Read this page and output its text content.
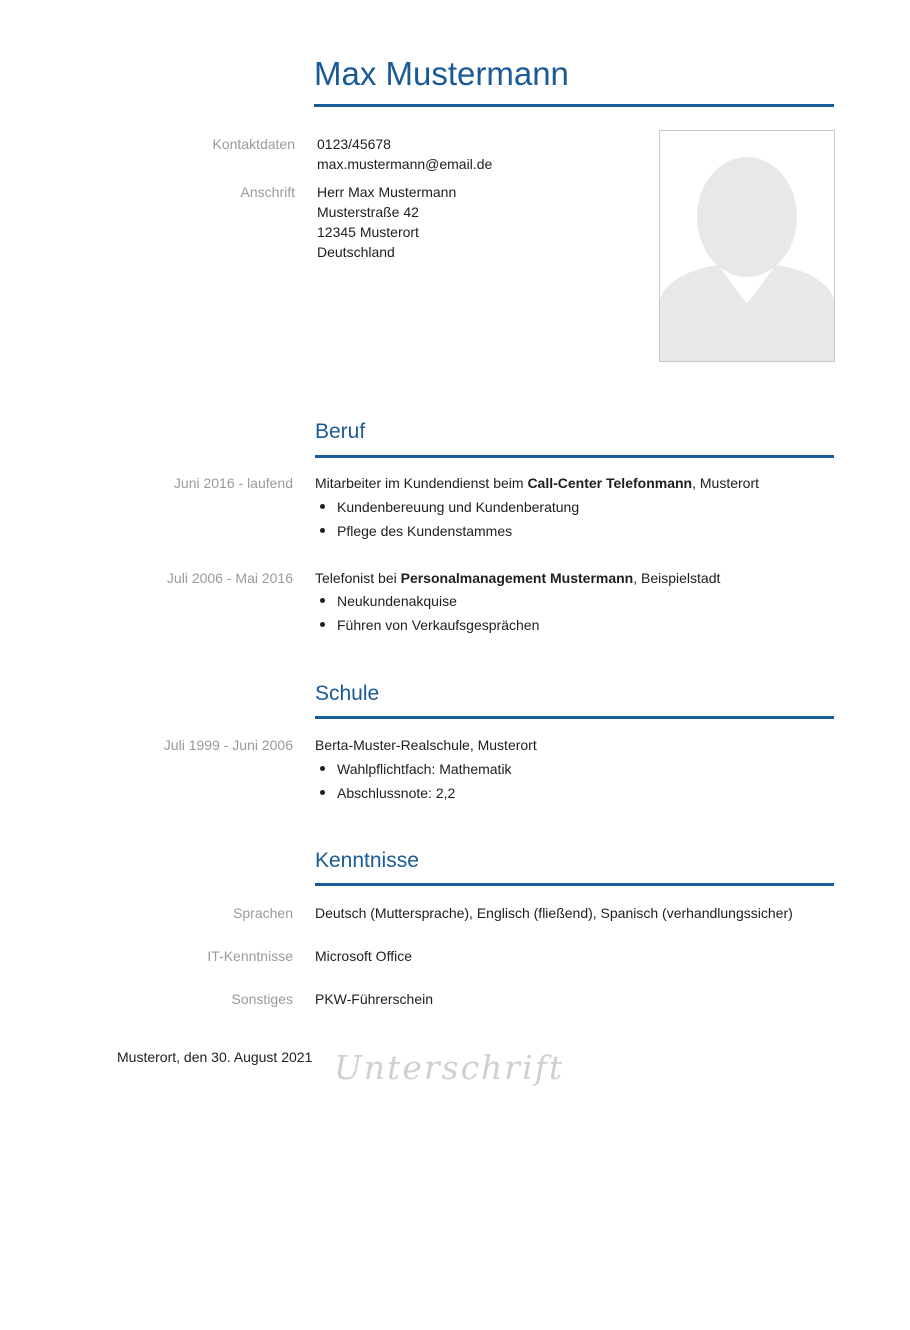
Max Mustermann
Kontaktdaten 0123/45678
max.mustermann@email.de
Anschrift Herr Max Mustermann
Musterstraße 42
12345 Musterort
Deutschland
Beruf
Juni 2016 - laufend Mitarbeiter im Kundendienst beim Call-Center Telefonmann, Musterort
Kundenbereuung und Kundenberatung
Pflege des Kundenstammes
Juli 2006 - Mai 2016 Telefonist bei Personalmanagement Mustermann, Beispielstadt
Neukundenakquise
Führen von Verkaufsgesprächen
Schule
Juli 1999 - Juni 2006 Berta-Muster-Realschule, Musterort
Wahlpflichtfach: Mathematik
Abschlussnote: 2,2
Kenntnisse
Sprachen Deutsch (Muttersprache), Englisch (fließend), Spanisch (verhandlungssicher)
IT-Kenntnisse Microsoft Office
Sonstiges PKW-Führerschein
Musterort, den 30. August 2021 Unterschrift
